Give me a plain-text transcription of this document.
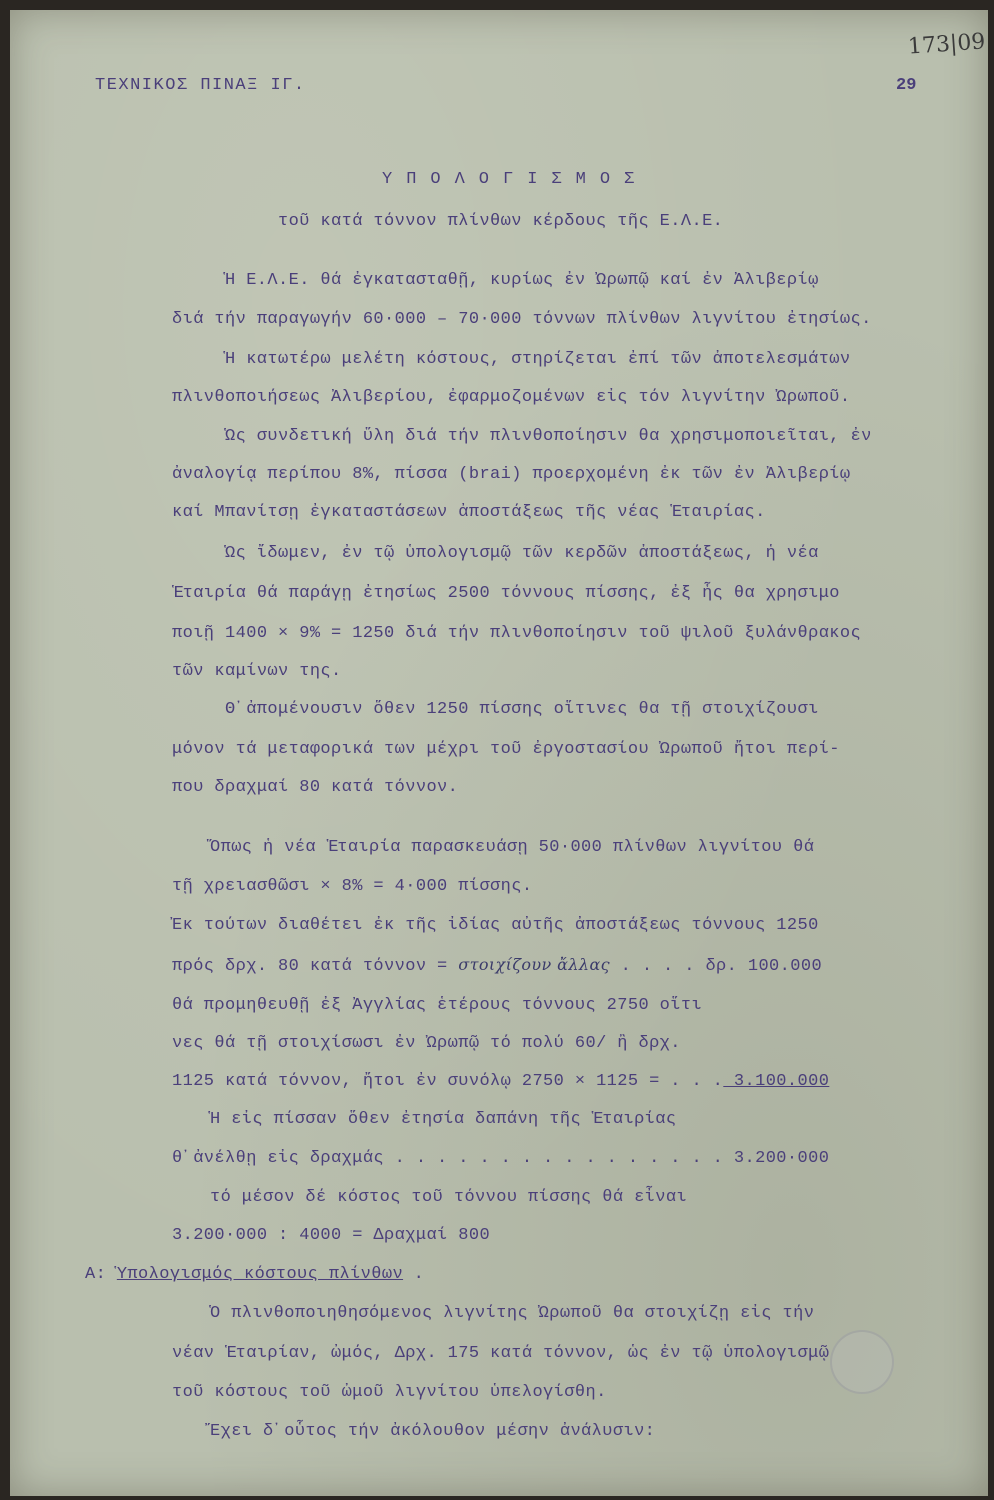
173|09
ΤΕΧΝΙΚΟΣ ΠΙΝΑΞ IΓ.	29
ΥΠΟΛΟΓΙΣΜΟΣ
τοῦ κατά τόννον πλίνθων κέρδους τῆς Ε.Λ.Ε.
Ἡ Ε.Λ.Ε. θά ἐγκατασταθῇ, κυρίως ἐν Ὠρωπῷ καί ἐν Ἀλιβερίῳ
διά τήν παραγωγήν 60·000 – 70·000 τόννων πλίνθων λιγνίτου ἐτησίως.
Ἡ κατωτέρω μελέτη κόστους, στηρίζεται ἐπί τῶν ἀποτελεσμάτων
πλινθοποιήσεως Ἀλιβερίου, ἐφαρμοζομένων εἰς τόν λιγνίτην Ὠρωποῦ.
Ὡς συνδετική ὕλη διά τήν πλινθοποίησιν θα χρησιμοποιεῖται, ἐν
ἀναλογίᾳ περίπου 8%, πίσσα (brai) προερχομένη ἐκ τῶν ἐν Ἀλιβερίῳ
καί Μπανίτσῃ ἐγκαταστάσεων ἀποστάξεως τῆς νέας Ἑταιρίας.
Ὡς ἴδωμεν, ἐν τῷ ὑπολογισμῷ τῶν κερδῶν ἀποστάξεως, ἡ νέα
Ἑταιρία θά παράγῃ ἐτησίως 2500 τόννους πίσσης, ἐξ ἧς θα χρησιμο
ποιῇ 1400 × 9% = 1250 διά τήν πλινθοποίησιν τοῦ ψιλοῦ ξυλάνθρακος
τῶν καμίνων της.
Θ᾽ἀπομένουσιν ὅθεν 1250 πίσσης οἵτινες θα τῇ στοιχίζουσι
μόνον τά μεταφορικά των μέχρι τοῦ ἐργοστασίου Ὠρωποῦ ἤτοι περί-
που δραχμαί 80 κατά τόννον.
Ὅπως ἡ νέα Ἑταιρία παρασκευάσῃ 50·000 πλίνθων λιγνίτου θά
τῇ χρειασθῶσι × 8% = 4·000 πίσσης.
Ἐκ τούτων διαθέτει ἐκ τῆς ἰδίας αὐτῆς ἀποστάξεως τόννους 1250
πρός δρχ. 80 κατά τόννον = στοιχίζουν ἄλλας . . . . δρ. 100.000
θά προμηθευθῇ ἐξ Ἀγγλίας ἑτέρους τόννους 2750 οἵτι
νες θά τῇ στοιχίσωσι ἐν Ὠρωπῷ τό πολύ 60/ ἢ δρχ.
1125 κατά τόννον, ἤτοι ἐν συνόλῳ 2750 × 1125 = . . . 3.100.000
Ἡ εἰς πίσσαν ὅθεν ἐτησία δαπάνη τῆς Ἑταιρίας
θ᾽ἀνέλθῃ εἰς δραχμάς . . . . . . . . . . . . . . . . 3.200·000
τό μέσον δέ κόστος τοῦ τόννου πίσσης θά εἶναι
3.200·000 : 4000 = Δραχμαί 800
A: Ὑπολογισμός κόστους πλίνθων .
Ὁ πλινθοποιηθησόμενος λιγνίτης Ὠρωποῦ θα στοιχίζῃ εἰς τήν
νέαν Ἑταιρίαν, ὠμός, Δρχ. 175 κατά τόννον, ὡς ἐν τῷ ὑπολογισμῷ
τοῦ κόστους τοῦ ὠμοῦ λιγνίτου ὑπελογίσθη.
Ἔχει δ᾽οὗτος τήν ἀκόλουθον μέσην ἀνάλυσιν:
